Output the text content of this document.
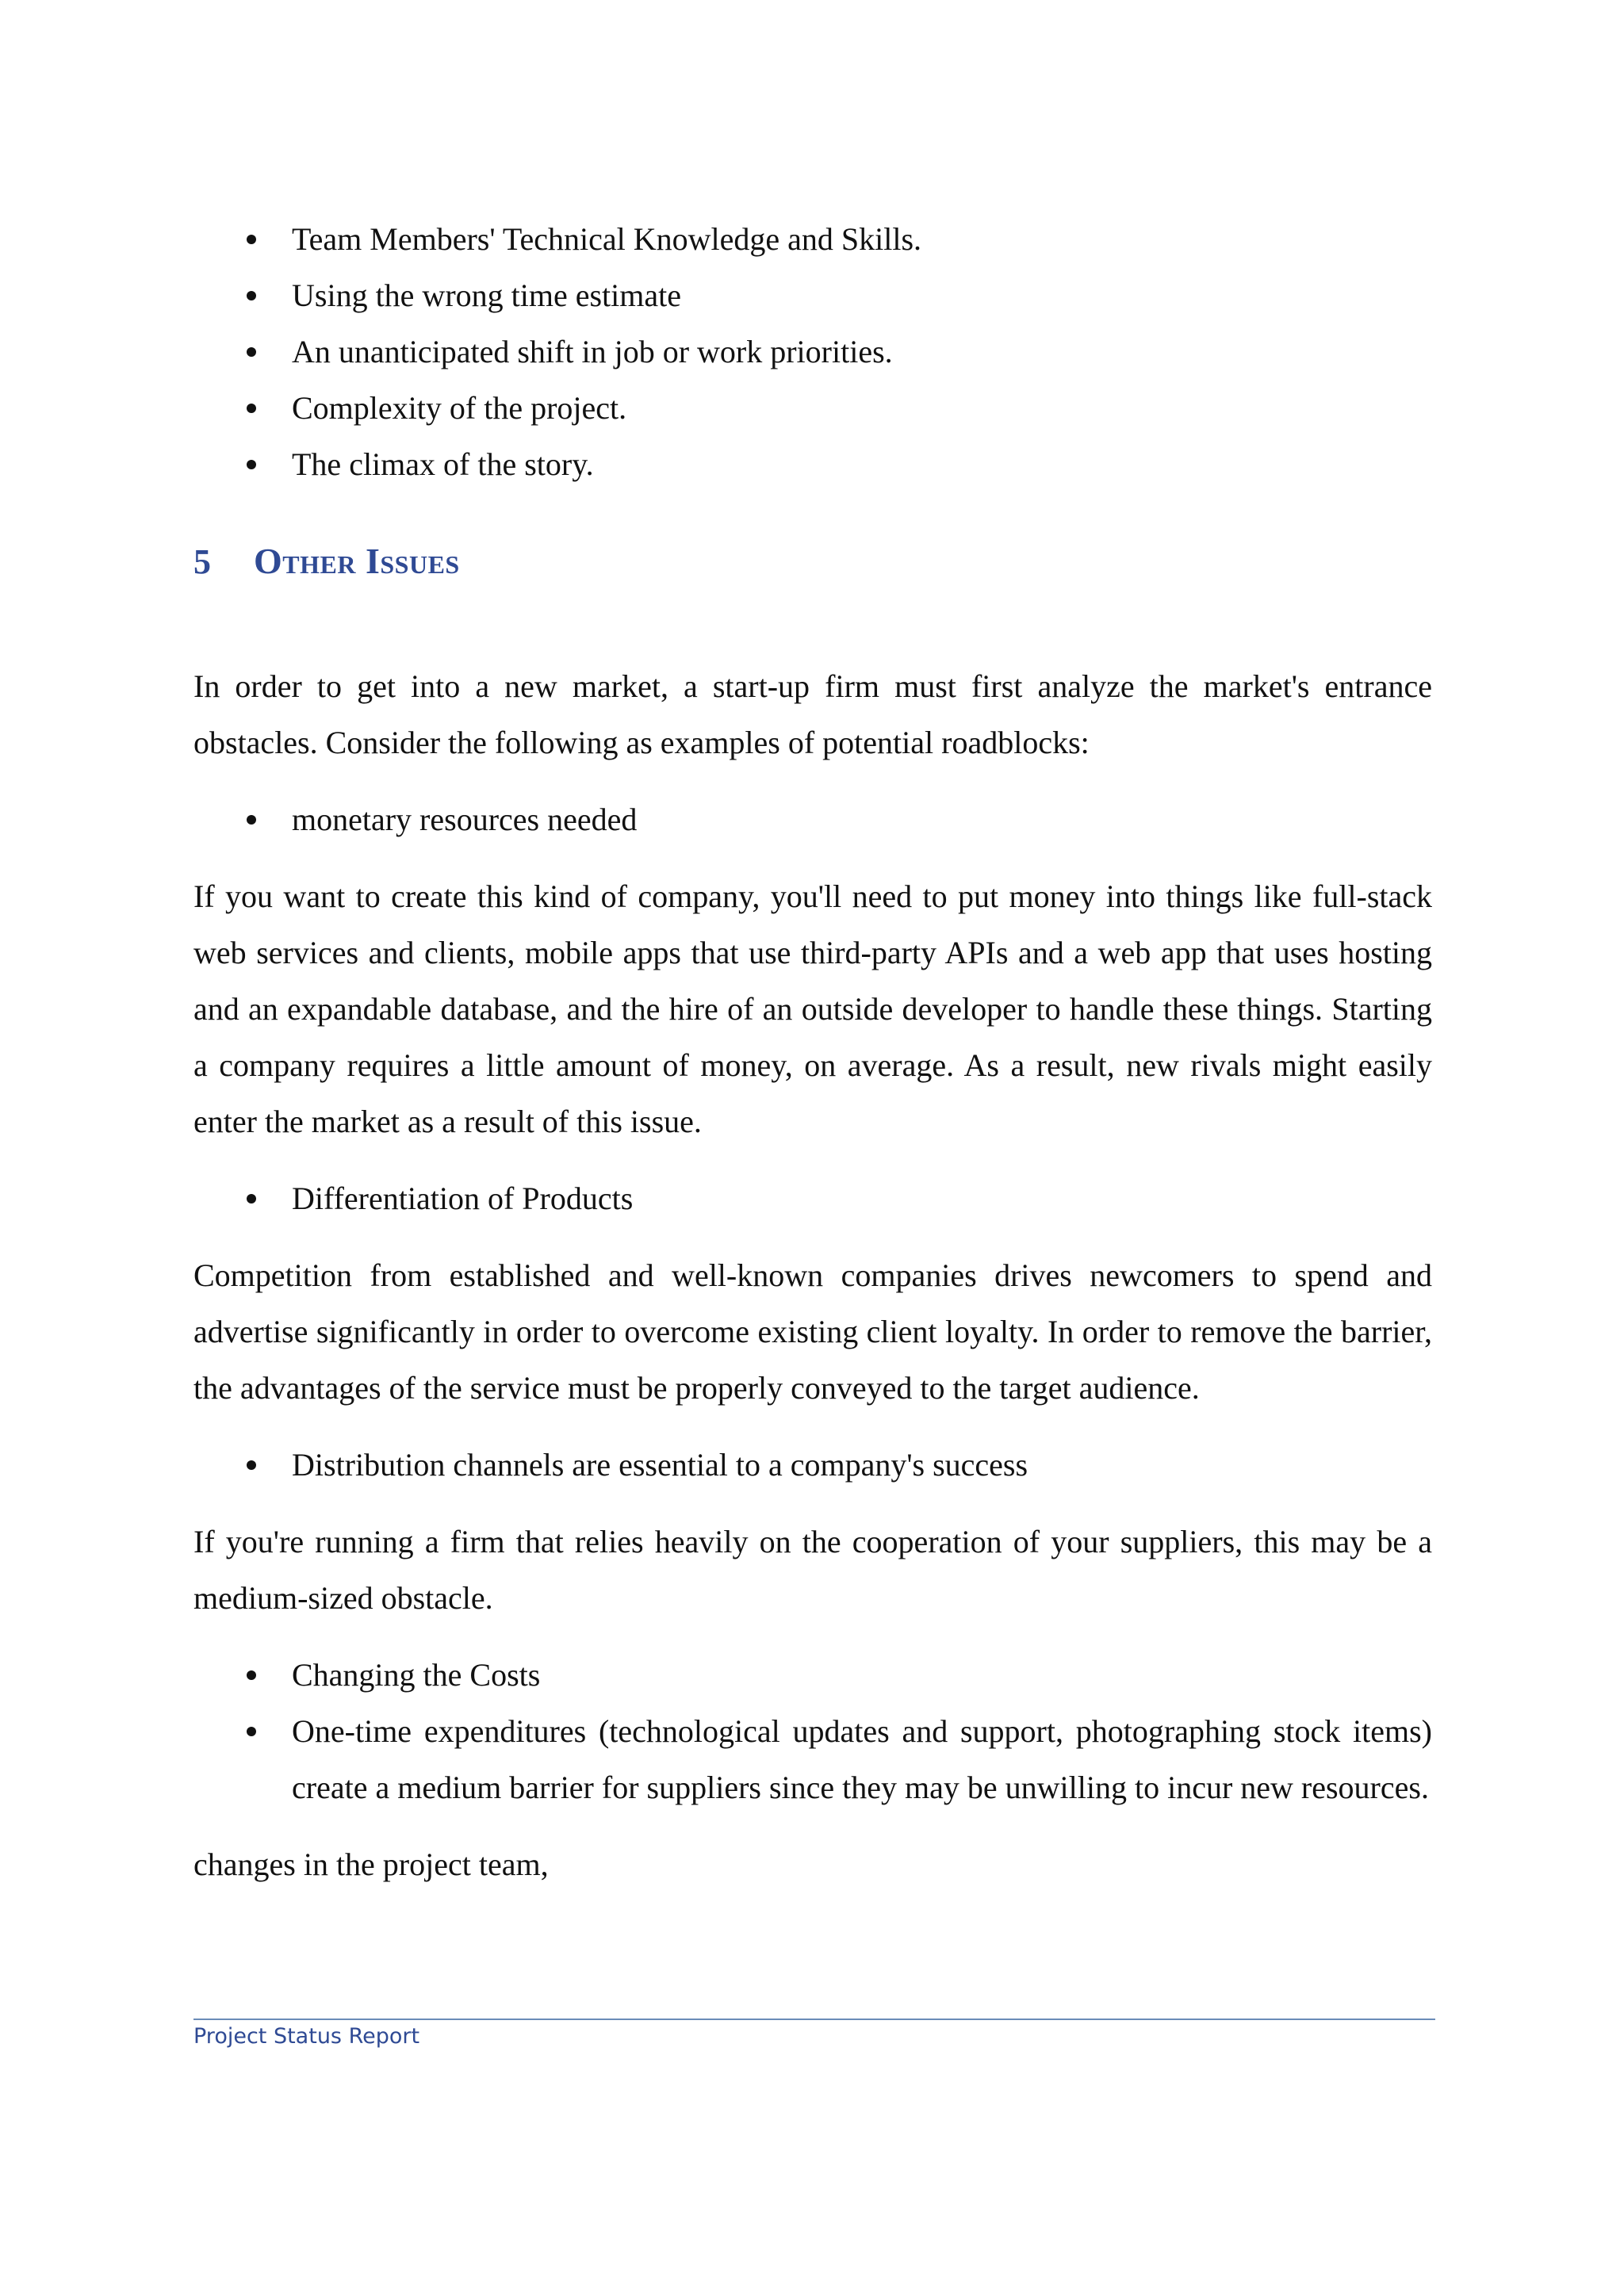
Team Members' Technical Knowledge and Skills.
Using the wrong time estimate
An unanticipated shift in job or work priorities.
Complexity of the project.
The climax of the story.
5	Other Issues

In order to get into a new market, a start-up firm must first analyze the market's entrance obstacles. Consider the following as examples of potential roadblocks:

monetary resources needed

If you want to create this kind of company, you'll need to put money into things like full-stack web services and clients, mobile apps that use third-party APIs and a web app that uses hosting and an expandable database, and the hire of an outside developer to handle these things. Starting a company requires a little amount of money, on average. As a result, new rivals might easily enter the market as a result of this issue.

Differentiation of Products

Competition from established and well-known companies drives newcomers to spend and advertise significantly in order to overcome existing client loyalty. In order to remove the barrier, the advantages of the service must be properly conveyed to the target audience.

Distribution channels are essential to a company's success

If you're running a firm that relies heavily on the cooperation of your suppliers, this may be a medium-sized obstacle.

Changing the Costs
One-time expenditures (technological updates and support, photographing stock items) create a medium barrier for suppliers since they may be unwilling to incur new resources.

changes in the project team,

Project Status Report
